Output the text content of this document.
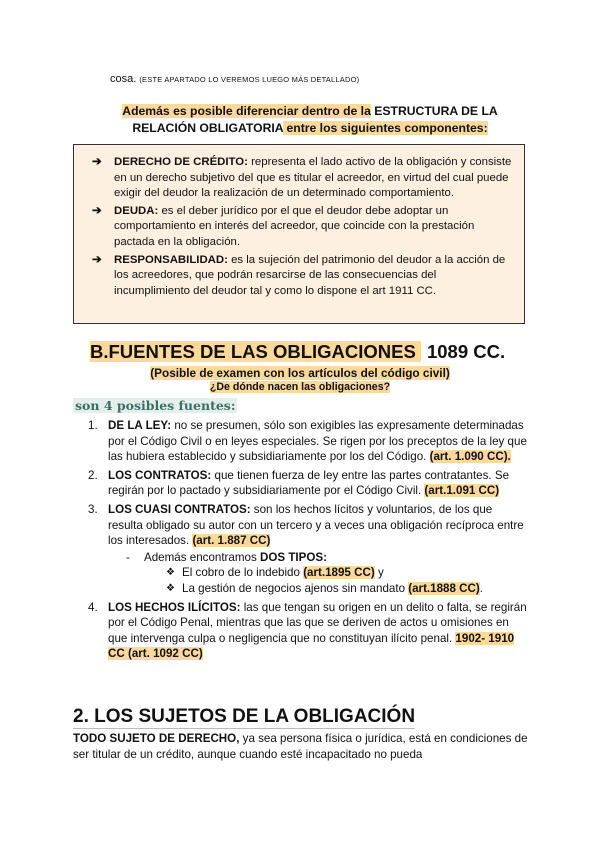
cosa. (ESTE APARTADO LO VEREMOS LUEGO MÁS DETALLADO)
Además es posible diferenciar dentro de la ESTRUCTURA DE LA
RELACIÓN OBLIGATORIA entre los siguientes componentes:
➔ DERECHO DE CRÉDITO: representa el lado activo de la obligación y consiste en un derecho subjetivo del que es titular el acreedor, en virtud del cual puede exigir del deudor la realización de un determinado comportamiento.
➔ DEUDA: es el deber jurídico por el que el deudor debe adoptar un comportamiento en interés del acreedor, que coincide con la prestación pactada en la obligación.
➔ RESPONSABILIDAD: es la sujeción del patrimonio del deudor a la acción de los acreedores, que podrán resarcirse de las consecuencias del incumplimiento del deudor tal y como lo dispone el art 1911 CC.
B.FUENTES DE LAS OBLIGACIONES 1089 CC.
(Posible de examen con los artículos del código civil)
¿De dónde nacen las obligaciones?
son 4 posibles fuentes:
1. DE LA LEY: no se presumen, sólo son exigibles las expresamente determinadas por el Código Civil o en leyes especiales. Se rigen por los preceptos de la ley que las hubiera establecido y subsidiariamente por los del Código. (art. 1.090 CC).
2. LOS CONTRATOS: que tienen fuerza de ley entre las partes contratantes. Se regirán por lo pactado y subsidiariamente por el Código Civil. (art.1.091 CC)
3. LOS CUASI CONTRATOS: son los hechos lícitos y voluntarios, de los que resulta obligado su autor con un tercero y a veces una obligación recíproca entre los interesados. (art. 1.887 CC)
- Además encontramos DOS TIPOS:
❖ El cobro de lo indebido (art.1895 CC) y
❖ La gestión de negocios ajenos sin mandato (art.1888 CC).
4. LOS HECHOS ILÍCITOS: las que tengan su origen en un delito o falta, se regirán por el Código Penal, mientras que las que se deriven de actos u omisiones en que intervenga culpa o negligencia que no constituyan ilícito penal. 1902- 1910 CC (art. 1092 CC)
2. LOS SUJETOS DE LA OBLIGACIÓN
TODO SUJETO DE DERECHO, ya sea persona física o jurídica, está en condiciones de ser titular de un crédito, aunque cuando esté incapacitado no pueda
